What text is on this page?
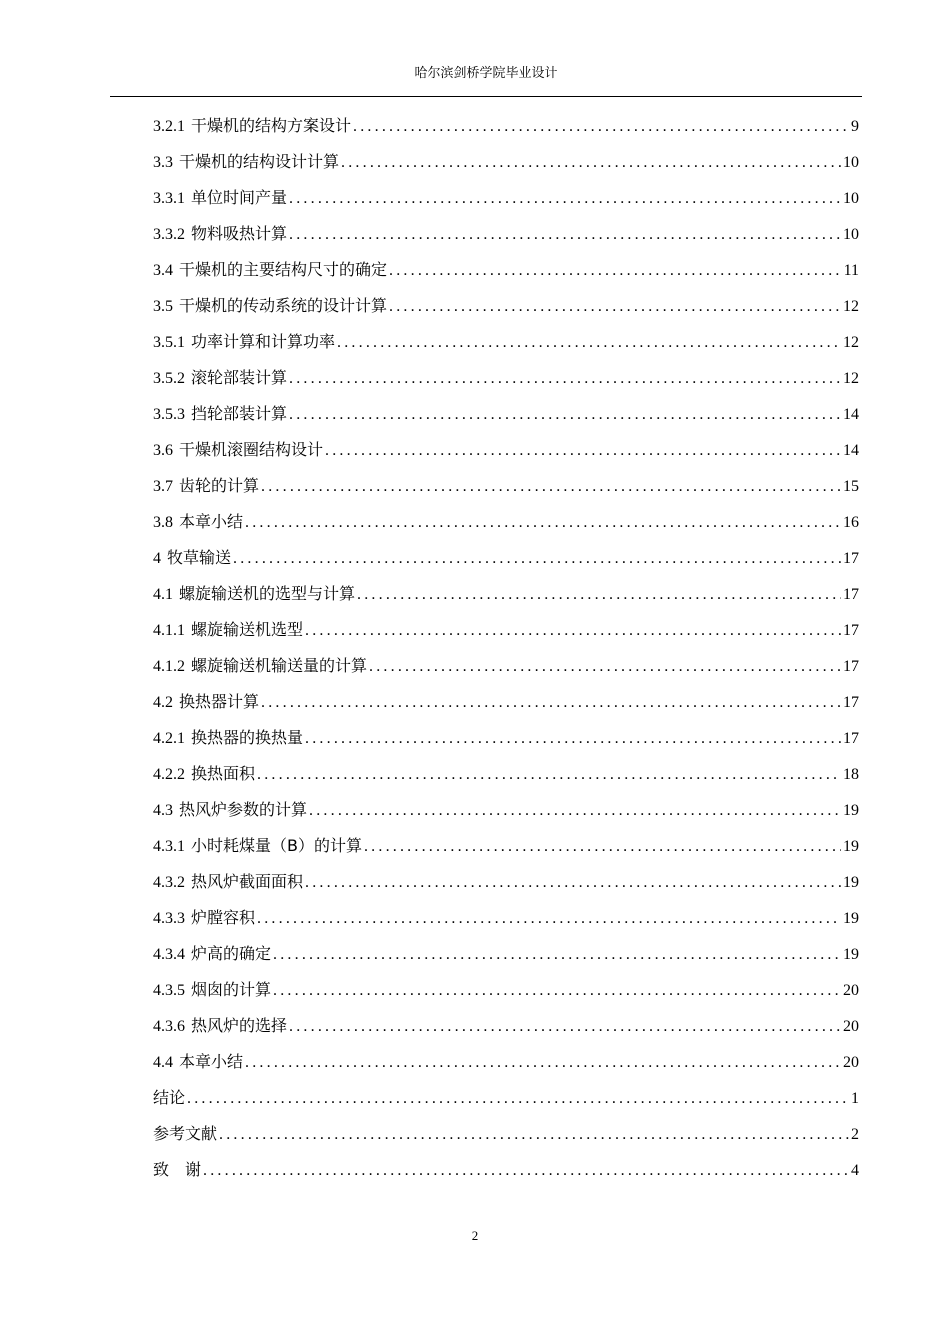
哈尔滨剑桥学院毕业设计
3.2.1 干燥机的结构方案设计 .....	9
3.3 干燥机的结构设计计算 .....	10
3.3.1 单位时间产量 .....	10
3.3.2 物料吸热计算 .....	10
3.4 干燥机的主要结构尺寸的确定 .....	11
3.5 干燥机的传动系统的设计计算 .....	12
3.5.1 功率计算和计算功率 .....	12
3.5.2 滚轮部装计算 .....	12
3.5.3 挡轮部装计算 .....	14
3.6 干燥机滚圈结构设计 .....	14
3.7 齿轮的计算 .....	15
3.8 本章小结 .....	16
4 牧草输送 .....	17
4.1 螺旋输送机的选型与计算 .....	17
4.1.1 螺旋输送机选型 .....	17
4.1.2 螺旋输送机输送量的计算 .....	17
4.2 换热器计算 .....	17
4.2.1 换热器的换热量 .....	17
4.2.2 换热面积 .....	18
4.3 热风炉参数的计算 .....	19
4.3.1 小时耗煤量（B）的计算 .....	19
4.3.2 热风炉截面面积 .....	19
4.3.3 炉膛容积 .....	19
4.3.4 炉高的确定 .....	19
4.3.5 烟囱的计算 .....	20
4.3.6 热风炉的选择 .....	20
4.4 本章小结 .....	20
结论 .....	1
参考文献 .....	2
致　谢 .....	4
2
